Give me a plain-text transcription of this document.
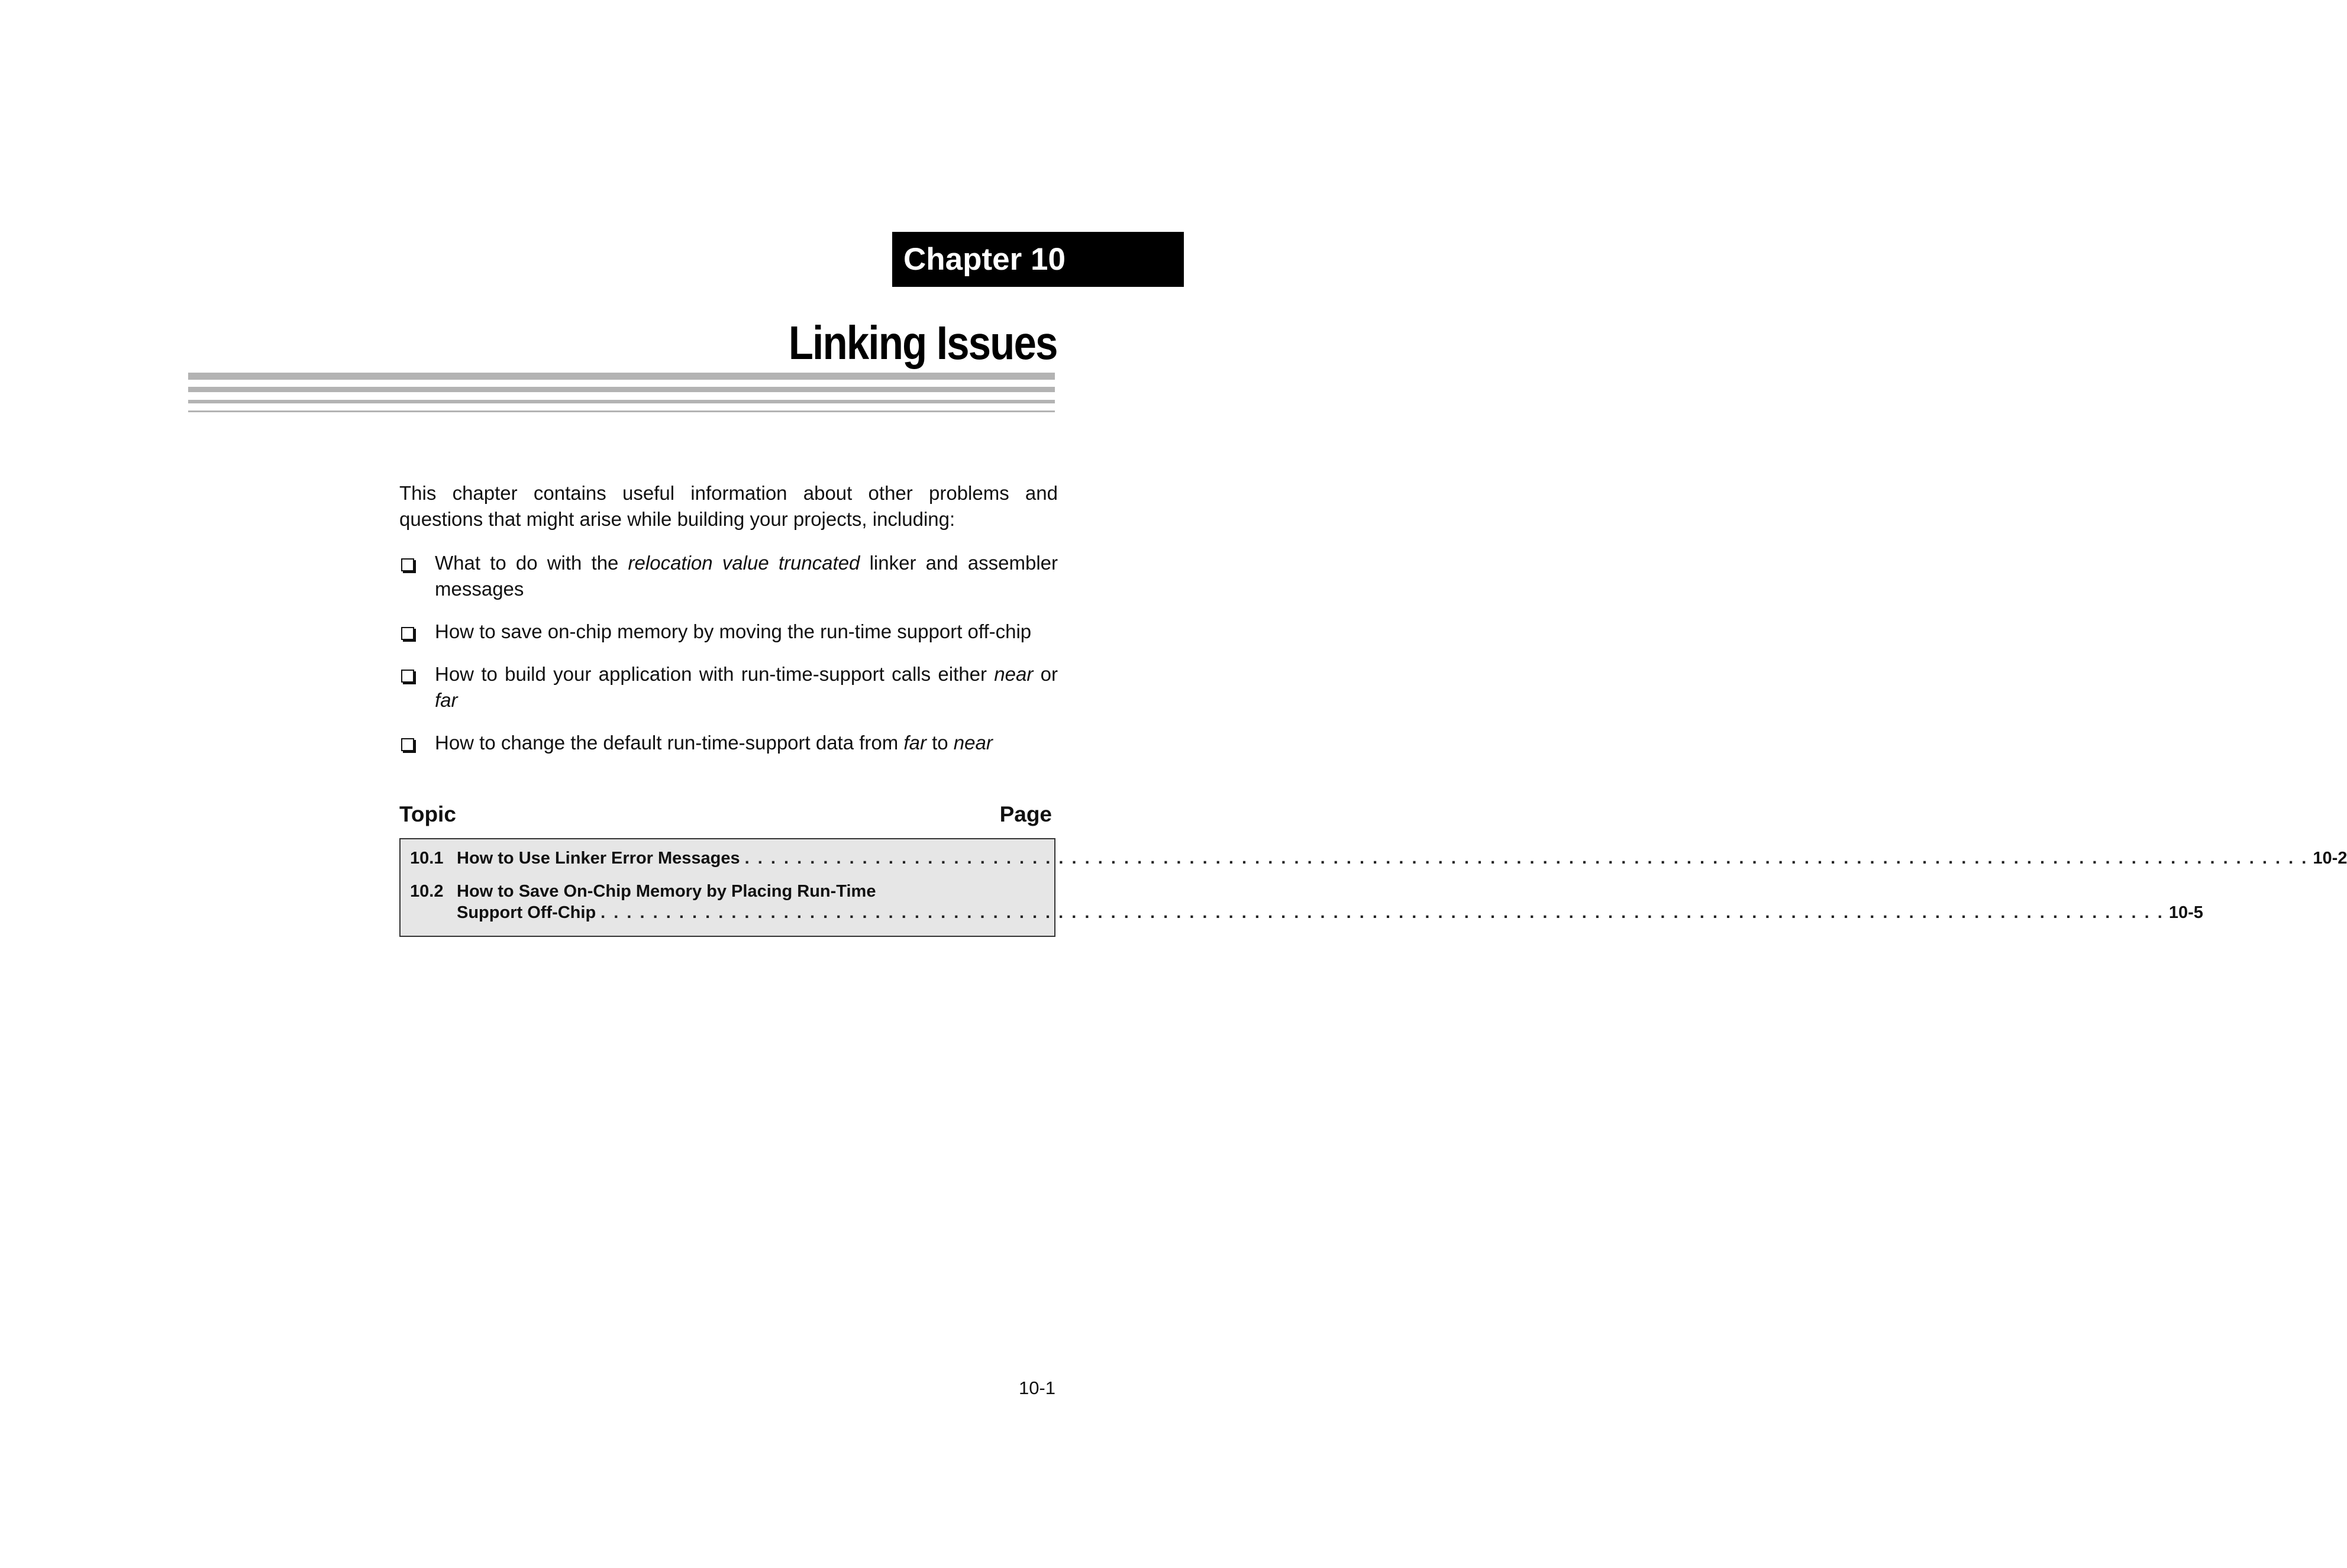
Chapter 10
Linking Issues

This chapter contains useful information about other problems and questions that might arise while building your projects, including:

What to do with the relocation value truncated linker and assembler messages
How to save on-chip memory by moving the run-time support off-chip
How to build your application with run-time-support calls either near or far
How to change the default run-time-support data from far to near
Topic	Page
10.1 How to Use Linker Error Messages . . . . . . . . . . . . . . . . . . . . . . . . . . . . . . . . . . . . . . . . . . . . . . . . . . . . . . . . . . . . . . . . . . . . . . . . . . . . . . . . . . . . . . . . . . . . . . . . . . . . . . . . . . . . . . . . . . . . . . . . 10-2
10.2 How to Save On-Chip Memory by Placing Run-Time
Support Off-Chip . . . . . . . . . . . . . . . . . . . . . . . . . . . . . . . . . . . . . . . . . . . . . . . . . . . . . . . . . . . . . . . . . . . . . . . . . . . . . . . . . . . . . . . . . . . . . . . . . . . . . . . . . . . . . . . . . . . . . . . . 10-5
10-1
